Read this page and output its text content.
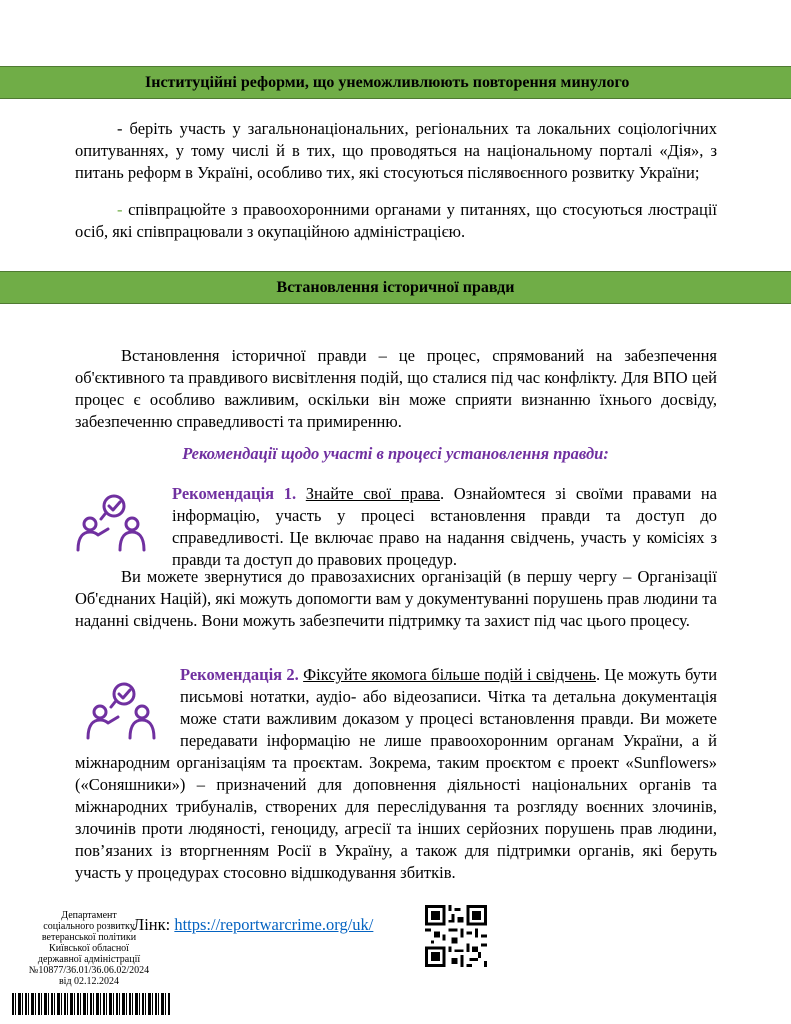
Інституційні реформи, що унеможливлюють повторення минулого
- беріть участь у загальнонаціональних, регіональних та локальних соціологічних опитуваннях, у тому числі й в тих, що проводяться на національному порталі «Дія», з питань реформ в Україні, особливо тих, які стосуються післявоєнного розвитку України;
- співпрацюйте з правоохоронними органами у питаннях, що стосуються люстрації осіб, які співпрацювали з окупаційною адміністрацією.
Встановлення історичної правди
Встановлення історичної правди – це процес, спрямований на забезпечення об'єктивного та правдивого висвітлення подій, що сталися під час конфлікту. Для ВПО цей процес є особливо важливим, оскільки він може сприяти визнанню їхнього досвіду, забезпеченню справедливості та примиренню.
Рекомендації щодо участі в процесі установлення правди:
Рекомендація 1. Знайте свої права. Ознайомтеся зі своїми правами на інформацію, участь у процесі встановлення правди та доступ до справедливості. Це включає право на надання свідчень, участь у комісіях з правди та доступ до правових процедур.
Ви можете звернутися до правозахисних організацій (в першу чергу – Організації Об'єднаних Націй), які можуть допомогти вам у документуванні порушень прав людини та наданні свідчень. Вони можуть забезпечити підтримку та захист під час цього процесу.
Рекомендація 2. Фіксуйте якомога більше подій і свідчень. Це можуть бути письмові нотатки, аудіо- або відеозаписи. Чітка та детальна документація може стати важливим доказом у процесі встановлення правди. Ви можете передавати інформацію не лише правоохоронним органам України, а й міжнародним організаціям та проєктам. Зокрема, таким проєктом є проект «Sunflowers» («Соняшники») – призначений для доповнення діяльності національних органів та міжнародних трибуналів, створених для переслідування та розгляду воєнних злочинів, злочинів проти людяності, геноциду, агресії та інших серйозних порушень прав людини, пов’язаних із вторгненням Росії в Україну, а також для підтримки органів, які беруть участь у процедурах стосовно відшкодування збитків.
Лінк: https://reportwarcrime.org/uk/
Департамент
соціального розвитку
ветеранської політики
Київської обласної
державної адміністрації
№10877/36.01/36.06.02/2024
від 02.12.2024
